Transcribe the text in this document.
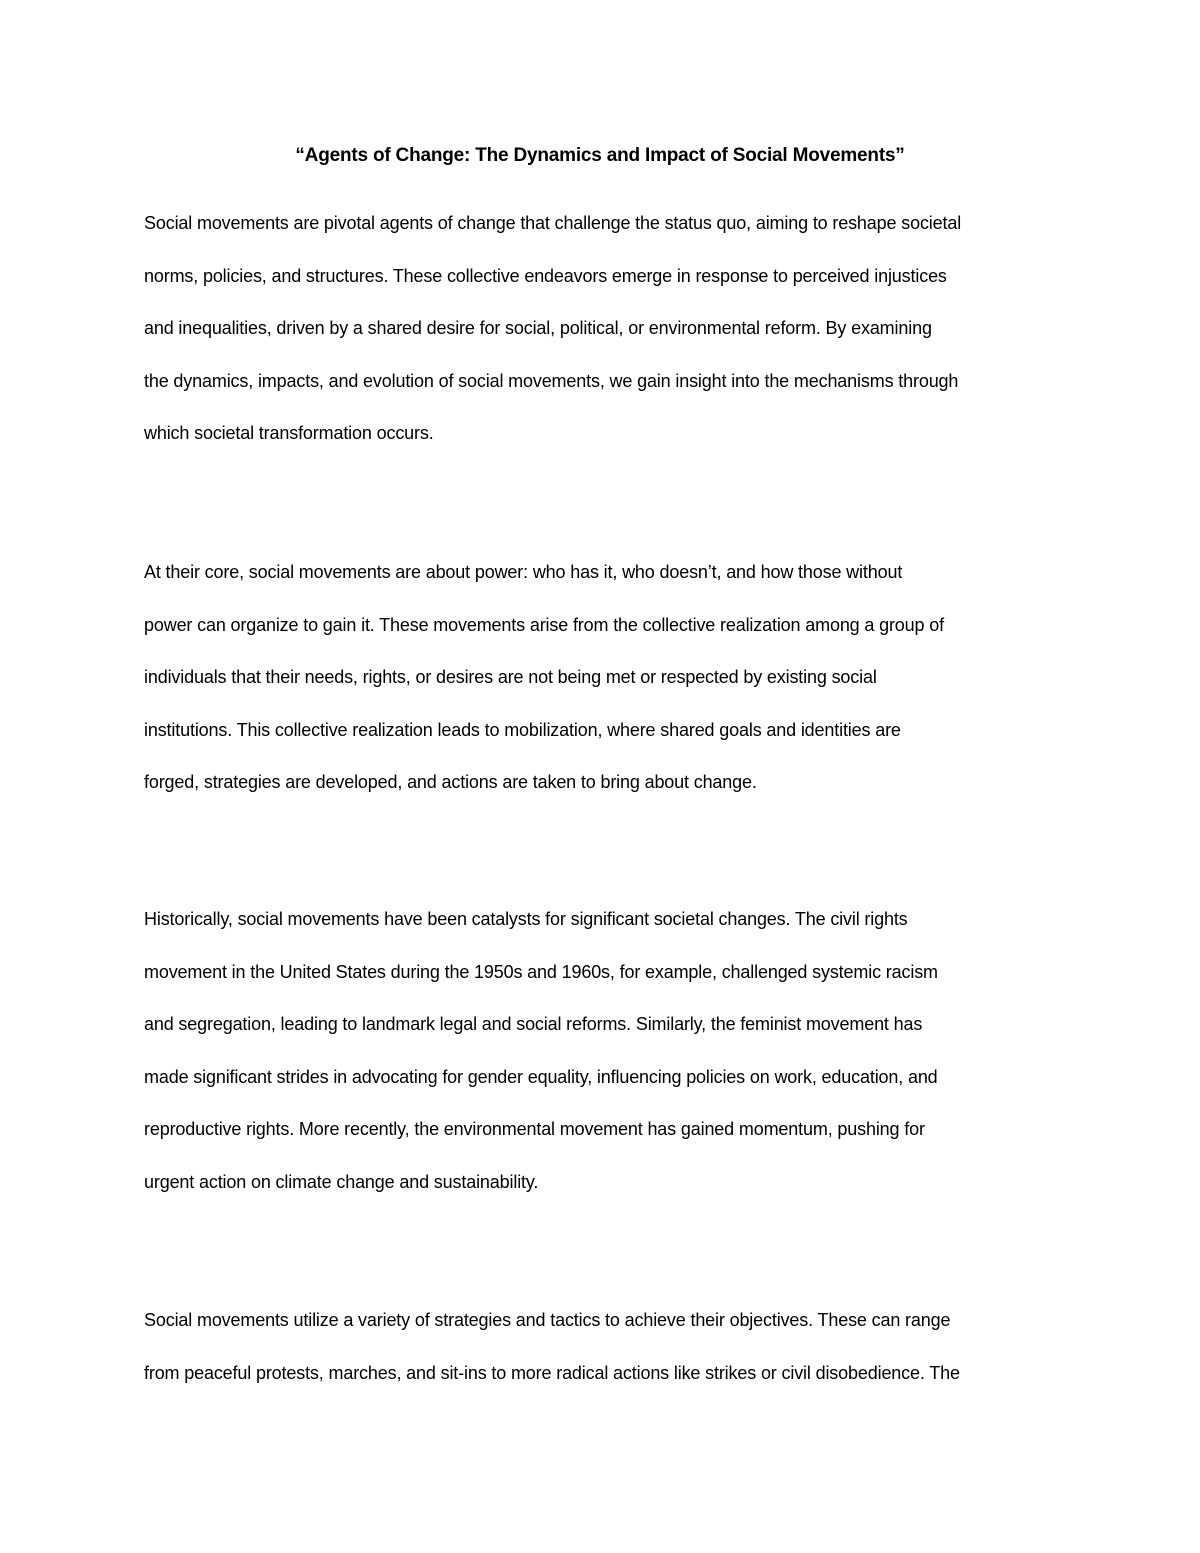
“Agents of Change: The Dynamics and Impact of Social Movements”
Social movements are pivotal agents of change that challenge the status quo, aiming to reshape societal
norms, policies, and structures. These collective endeavors emerge in response to perceived injustices
and inequalities, driven by a shared desire for social, political, or environmental reform. By examining
the dynamics, impacts, and evolution of social movements, we gain insight into the mechanisms through
which societal transformation occurs.
At their core, social movements are about power: who has it, who doesn’t, and how those without
power can organize to gain it. These movements arise from the collective realization among a group of
individuals that their needs, rights, or desires are not being met or respected by existing social
institutions. This collective realization leads to mobilization, where shared goals and identities are
forged, strategies are developed, and actions are taken to bring about change.
Historically, social movements have been catalysts for significant societal changes. The civil rights
movement in the United States during the 1950s and 1960s, for example, challenged systemic racism
and segregation, leading to landmark legal and social reforms. Similarly, the feminist movement has
made significant strides in advocating for gender equality, influencing policies on work, education, and
reproductive rights. More recently, the environmental movement has gained momentum, pushing for
urgent action on climate change and sustainability.
Social movements utilize a variety of strategies and tactics to achieve their objectives. These can range
from peaceful protests, marches, and sit-ins to more radical actions like strikes or civil disobedience. The
